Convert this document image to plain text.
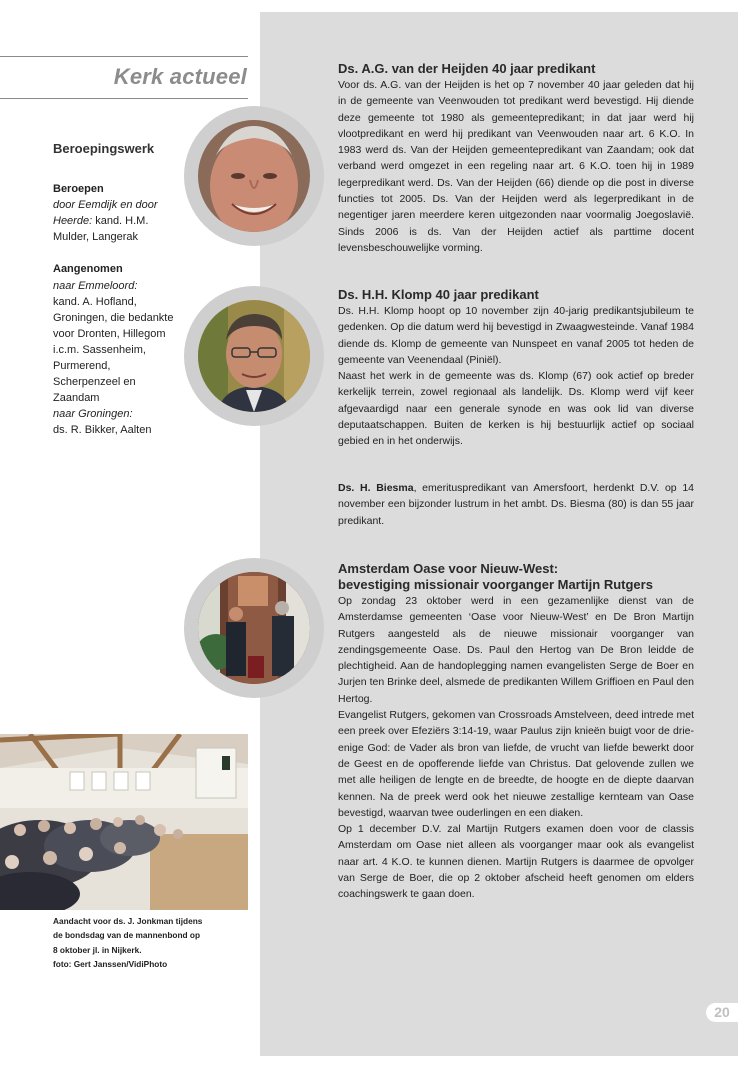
Kerk actueel
Beroepingswerk
Beroepen
door Eemdijk en door
Heerde: kand. H.M.
Mulder, Langerak
Aangenomen
naar Emmeloord:
kand. A. Hofland,
Groningen, die bedankte
voor Dronten, Hillegom
i.c.m. Sassenheim,
Purmerend,
Scherpenzeel en
Zaandam
naar Groningen:
ds. R. Bikker, Aalten
Ds. A.G. van der Heijden 40 jaar predikant

Voor ds. A.G. van der Heijden is het op 7 november 40 jaar geleden dat hij in de gemeente van Veenwouden tot predikant werd bevestigd. Hij diende deze gemeente tot 1980 als gemeentepredikant; in dat jaar werd hij vlootpredikant en werd hij predikant van Veenwouden naar art. 6 K.O. In 1983 werd ds. Van der Heijden gemeentepredikant van Zaandam; ook dat verband werd omgezet in een regeling naar art. 6 K.O. toen hij in 1989 legerpredikant werd. Ds. Van der Heijden (66) diende op die post in diverse functies tot 2005. Ds. Van der Heijden werd als legerpredikant in de negentiger jaren meerdere keren uitgezonden naar voormalig Joegoslavië. Sinds 2006 is ds. Van der Heijden actief als parttime docent levensbeschouwelijke vorming.

Ds. H.H. Klomp 40 jaar predikant

Ds. H.H. Klomp hoopt op 10 november zijn 40-jarig predikantsjubileum te gedenken. Op die datum werd hij bevestigd in Zwaagwesteinde. Vanaf 1984 diende ds. Klomp de gemeente van Nunspeet en vanaf 2005 tot heden de gemeente van Veenendaal (Piniël).

Naast het werk in de gemeente was ds. Klomp (67) ook actief op breder kerkelijk terrein, zowel regionaal als landelijk. Ds. Klomp werd vijf keer afgevaardigd naar een generale synode en was ook lid van diverse deputaatschappen. Buiten de kerken is hij bestuurlijk actief op sociaal gebied en in het onderwijs.

Ds. H. Biesma, emerituspredikant van Amersfoort, herdenkt D.V. op 14 november een bijzonder lustrum in het ambt. Ds. Biesma (80) is dan 55 jaar predikant.

Amsterdam Oase voor Nieuw-West:
bevestiging missionair voorganger Martijn Rutgers

Op zondag 23 oktober werd in een gezamenlijke dienst van de Amsterdamse gemeenten ‘Oase voor Nieuw-West’ en De Bron Martijn Rutgers aangesteld als de nieuwe missionair voorganger van zendingsgemeente Oase. Ds. Paul den Hertog van De Bron leidde de plechtigheid. Aan de handoplegging namen evangelisten Serge de Boer en Jurjen ten Brinke deel, alsmede de predikanten Willem Griffioen en Paul den Hertog.

Evangelist Rutgers, gekomen van Crossroads Amstelveen, deed intrede met een preek over Efeziërs 3:14-19, waar Paulus zijn knieën buigt voor de drie-enige God: de Vader als bron van liefde, de vrucht van liefde bewerkt door de Geest en de opofferende liefde van Christus. Dat gelovende zullen we met alle heiligen de lengte en de breedte, de hoogte en de diepte daarvan kennen. Na de preek werd ook het nieuwe zestallige kernteam van Oase bevestigd, waarvan twee ouderlingen en een diaken.

Op 1 december D.V. zal Martijn Rutgers examen doen voor de classis Amsterdam om Oase niet alleen als voorganger maar ook als evangelist naar art. 4 K.O. te kunnen dienen. Martijn Rutgers is daarmee de opvolger van Serge de Boer, die op 2 oktober afscheid heeft genomen om elders coachingswerk te gaan doen.

Aandacht voor ds. J. Jonkman tijdens
de bondsdag van de mannenbond op
8 oktober jl. in Nijkerk.
foto: Gert Janssen/VidiPhoto
20
